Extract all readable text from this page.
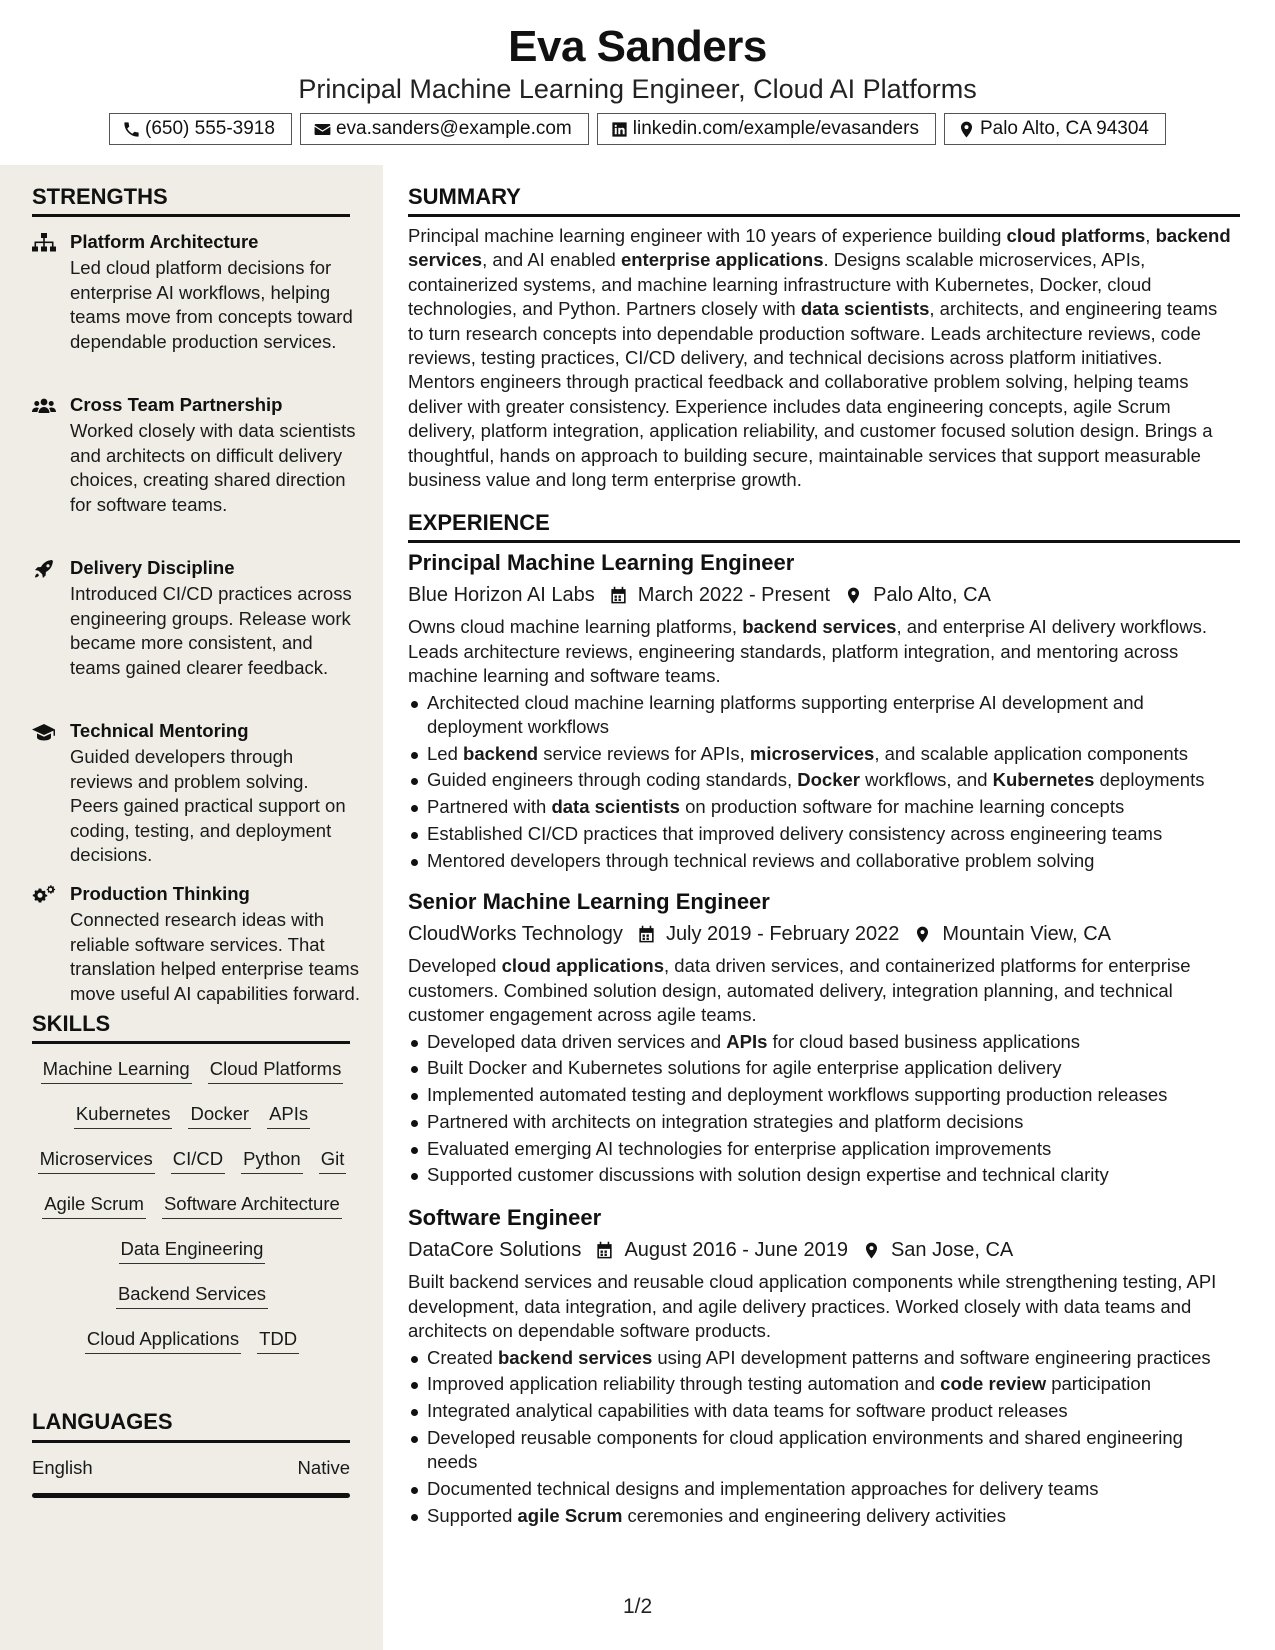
Eva Sanders
Principal Machine Learning Engineer, Cloud AI Platforms
(650) 555-3918	eva.sanders@example.com	linkedin.com/example/evasanders	Palo Alto, CA 94304
STRENGTHS
Platform Architecture
Led cloud platform decisions for enterprise AI workflows, helping teams move from concepts toward dependable production services.
Cross Team Partnership
Worked closely with data scientists and architects on difficult delivery choices, creating shared direction for software teams.
Delivery Discipline
Introduced CI/CD practices across engineering groups. Release work became more consistent, and teams gained clearer feedback.
Technical Mentoring
Guided developers through reviews and problem solving. Peers gained practical support on coding, testing, and deployment decisions.
Production Thinking
Connected research ideas with reliable software services. That translation helped enterprise teams move useful AI capabilities forward.
SKILLS
Machine Learning Cloud Platforms
Kubernetes Docker APIs
Microservices CI/CD Python Git
Agile Scrum Software Architecture
Data Engineering
Backend Services
Cloud Applications TDD
LANGUAGES
English	Native
SUMMARY
Principal machine learning engineer with 10 years of experience building cloud platforms, backend services, and AI enabled enterprise applications. Designs scalable microservices, APIs, containerized systems, and machine learning infrastructure with Kubernetes, Docker, cloud technologies, and Python. Partners closely with data scientists, architects, and engineering teams to turn research concepts into dependable production software. Leads architecture reviews, code reviews, testing practices, CI/CD delivery, and technical decisions across platform initiatives. Mentors engineers through practical feedback and collaborative problem solving, helping teams deliver with greater consistency. Experience includes data engineering concepts, agile Scrum delivery, platform integration, application reliability, and customer focused solution design. Brings a thoughtful, hands on approach to building secure, maintainable services that support measurable business value and long term enterprise growth.
EXPERIENCE
Principal Machine Learning Engineer
Blue Horizon AI Labs March 2022 - Present Palo Alto, CA
Owns cloud machine learning platforms, backend services, and enterprise AI delivery workflows. Leads architecture reviews, engineering standards, platform integration, and mentoring across machine learning and software teams.
Architected cloud machine learning platforms supporting enterprise AI development and deployment workflows
Led backend service reviews for APIs, microservices, and scalable application components
Guided engineers through coding standards, Docker workflows, and Kubernetes deployments
Partnered with data scientists on production software for machine learning concepts
Established CI/CD practices that improved delivery consistency across engineering teams
Mentored developers through technical reviews and collaborative problem solving
Senior Machine Learning Engineer
CloudWorks Technology July 2019 - February 2022 Mountain View, CA
Developed cloud applications, data driven services, and containerized platforms for enterprise customers. Combined solution design, automated delivery, integration planning, and technical customer engagement across agile teams.
Developed data driven services and APIs for cloud based business applications
Built Docker and Kubernetes solutions for agile enterprise application delivery
Implemented automated testing and deployment workflows supporting production releases
Partnered with architects on integration strategies and platform decisions
Evaluated emerging AI technologies for enterprise application improvements
Supported customer discussions with solution design expertise and technical clarity
Software Engineer
DataCore Solutions August 2016 - June 2019 San Jose, CA
Built backend services and reusable cloud application components while strengthening testing, API development, data integration, and agile delivery practices. Worked closely with data teams and architects on dependable software products.
Created backend services using API development patterns and software engineering practices
Improved application reliability through testing automation and code review participation
Integrated analytical capabilities with data teams for software product releases
Developed reusable components for cloud application environments and shared engineering needs
Documented technical designs and implementation approaches for delivery teams
Supported agile Scrum ceremonies and engineering delivery activities
1/2
